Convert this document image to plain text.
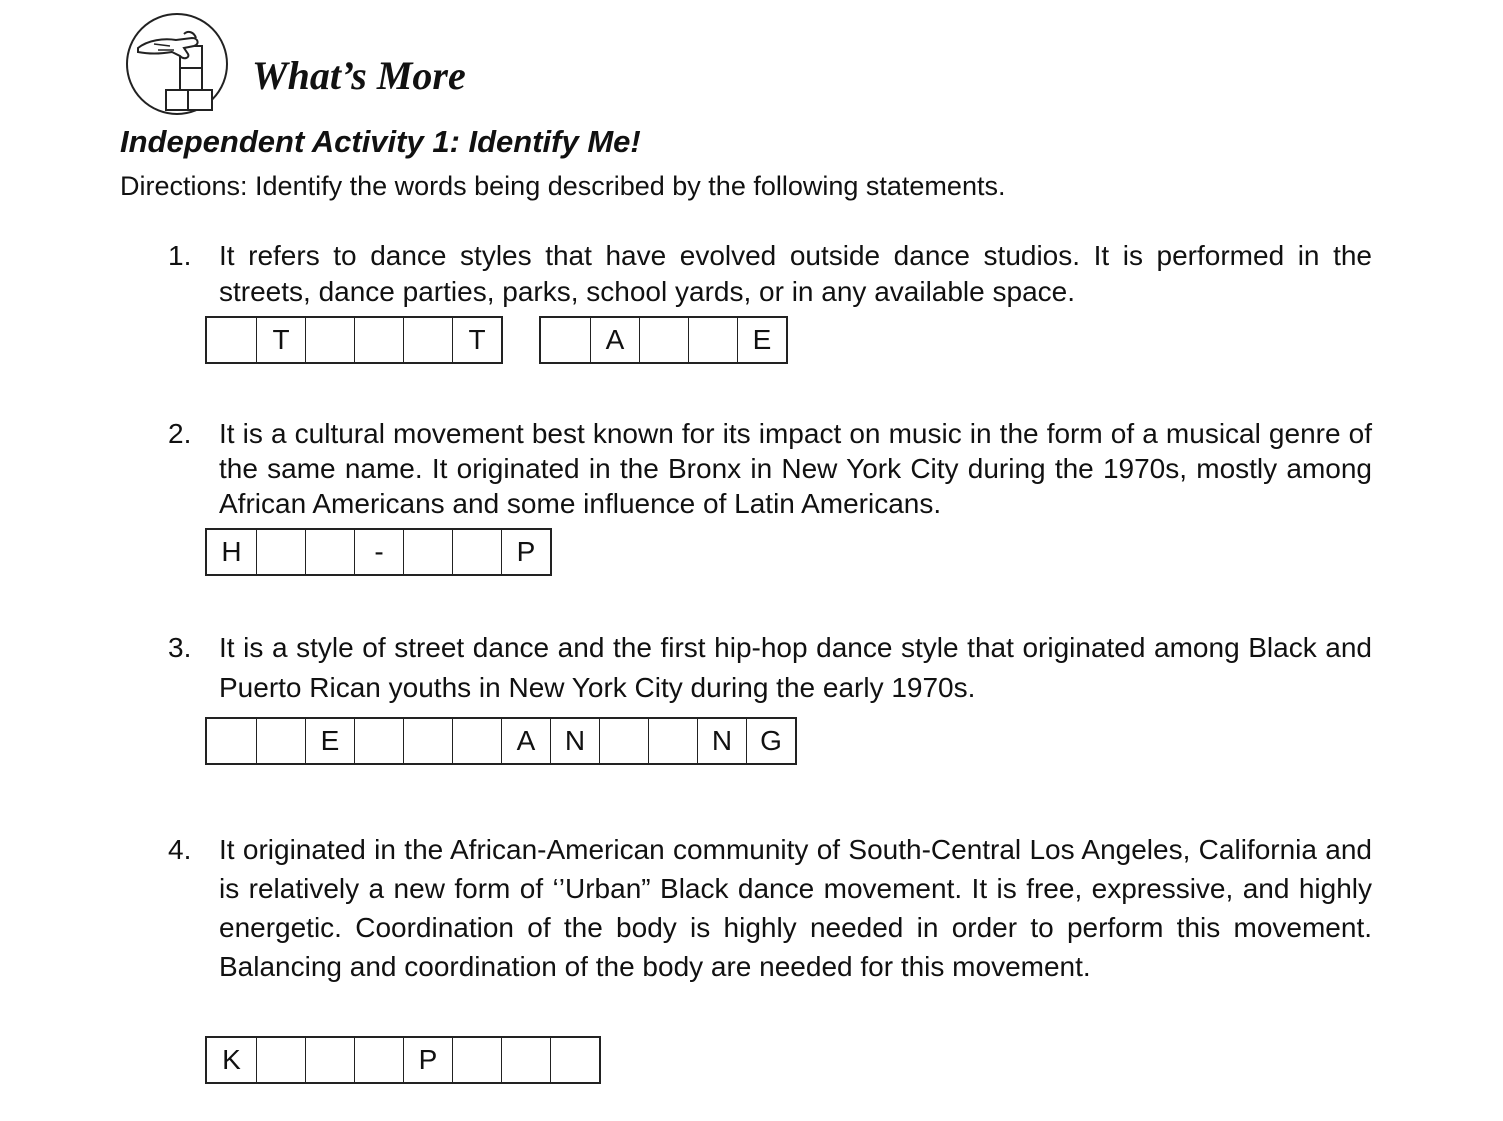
What’s More
Independent Activity 1: Identify Me!

Directions: Identify the words being described by the following statements.

1. It refers to dance styles that have evolved outside dance studios. It is performed in the streets, dance parties, parks, school yards, or in any available space.

T	T	A	E
2. It is a cultural movement best known for its impact on music in the form of a musical genre of the same name. It originated in the Bronx in New York City during the 1970s, mostly among African Americans and some influence of Latin Americans.

H	-	P
3. It is a style of street dance and the first hip-hop dance style that originated among Black and Puerto Rican youths in New York City during the early 1970s.

E	A	N	N	G
4. It originated in the African-American community of South-Central Los Angeles, California and is relatively a new form of ‘’Urban” Black dance movement. It is free, expressive, and highly energetic. Coordination of the body is highly needed in order to perform this movement. Balancing and coordination of the body are needed for this movement.

K	P
